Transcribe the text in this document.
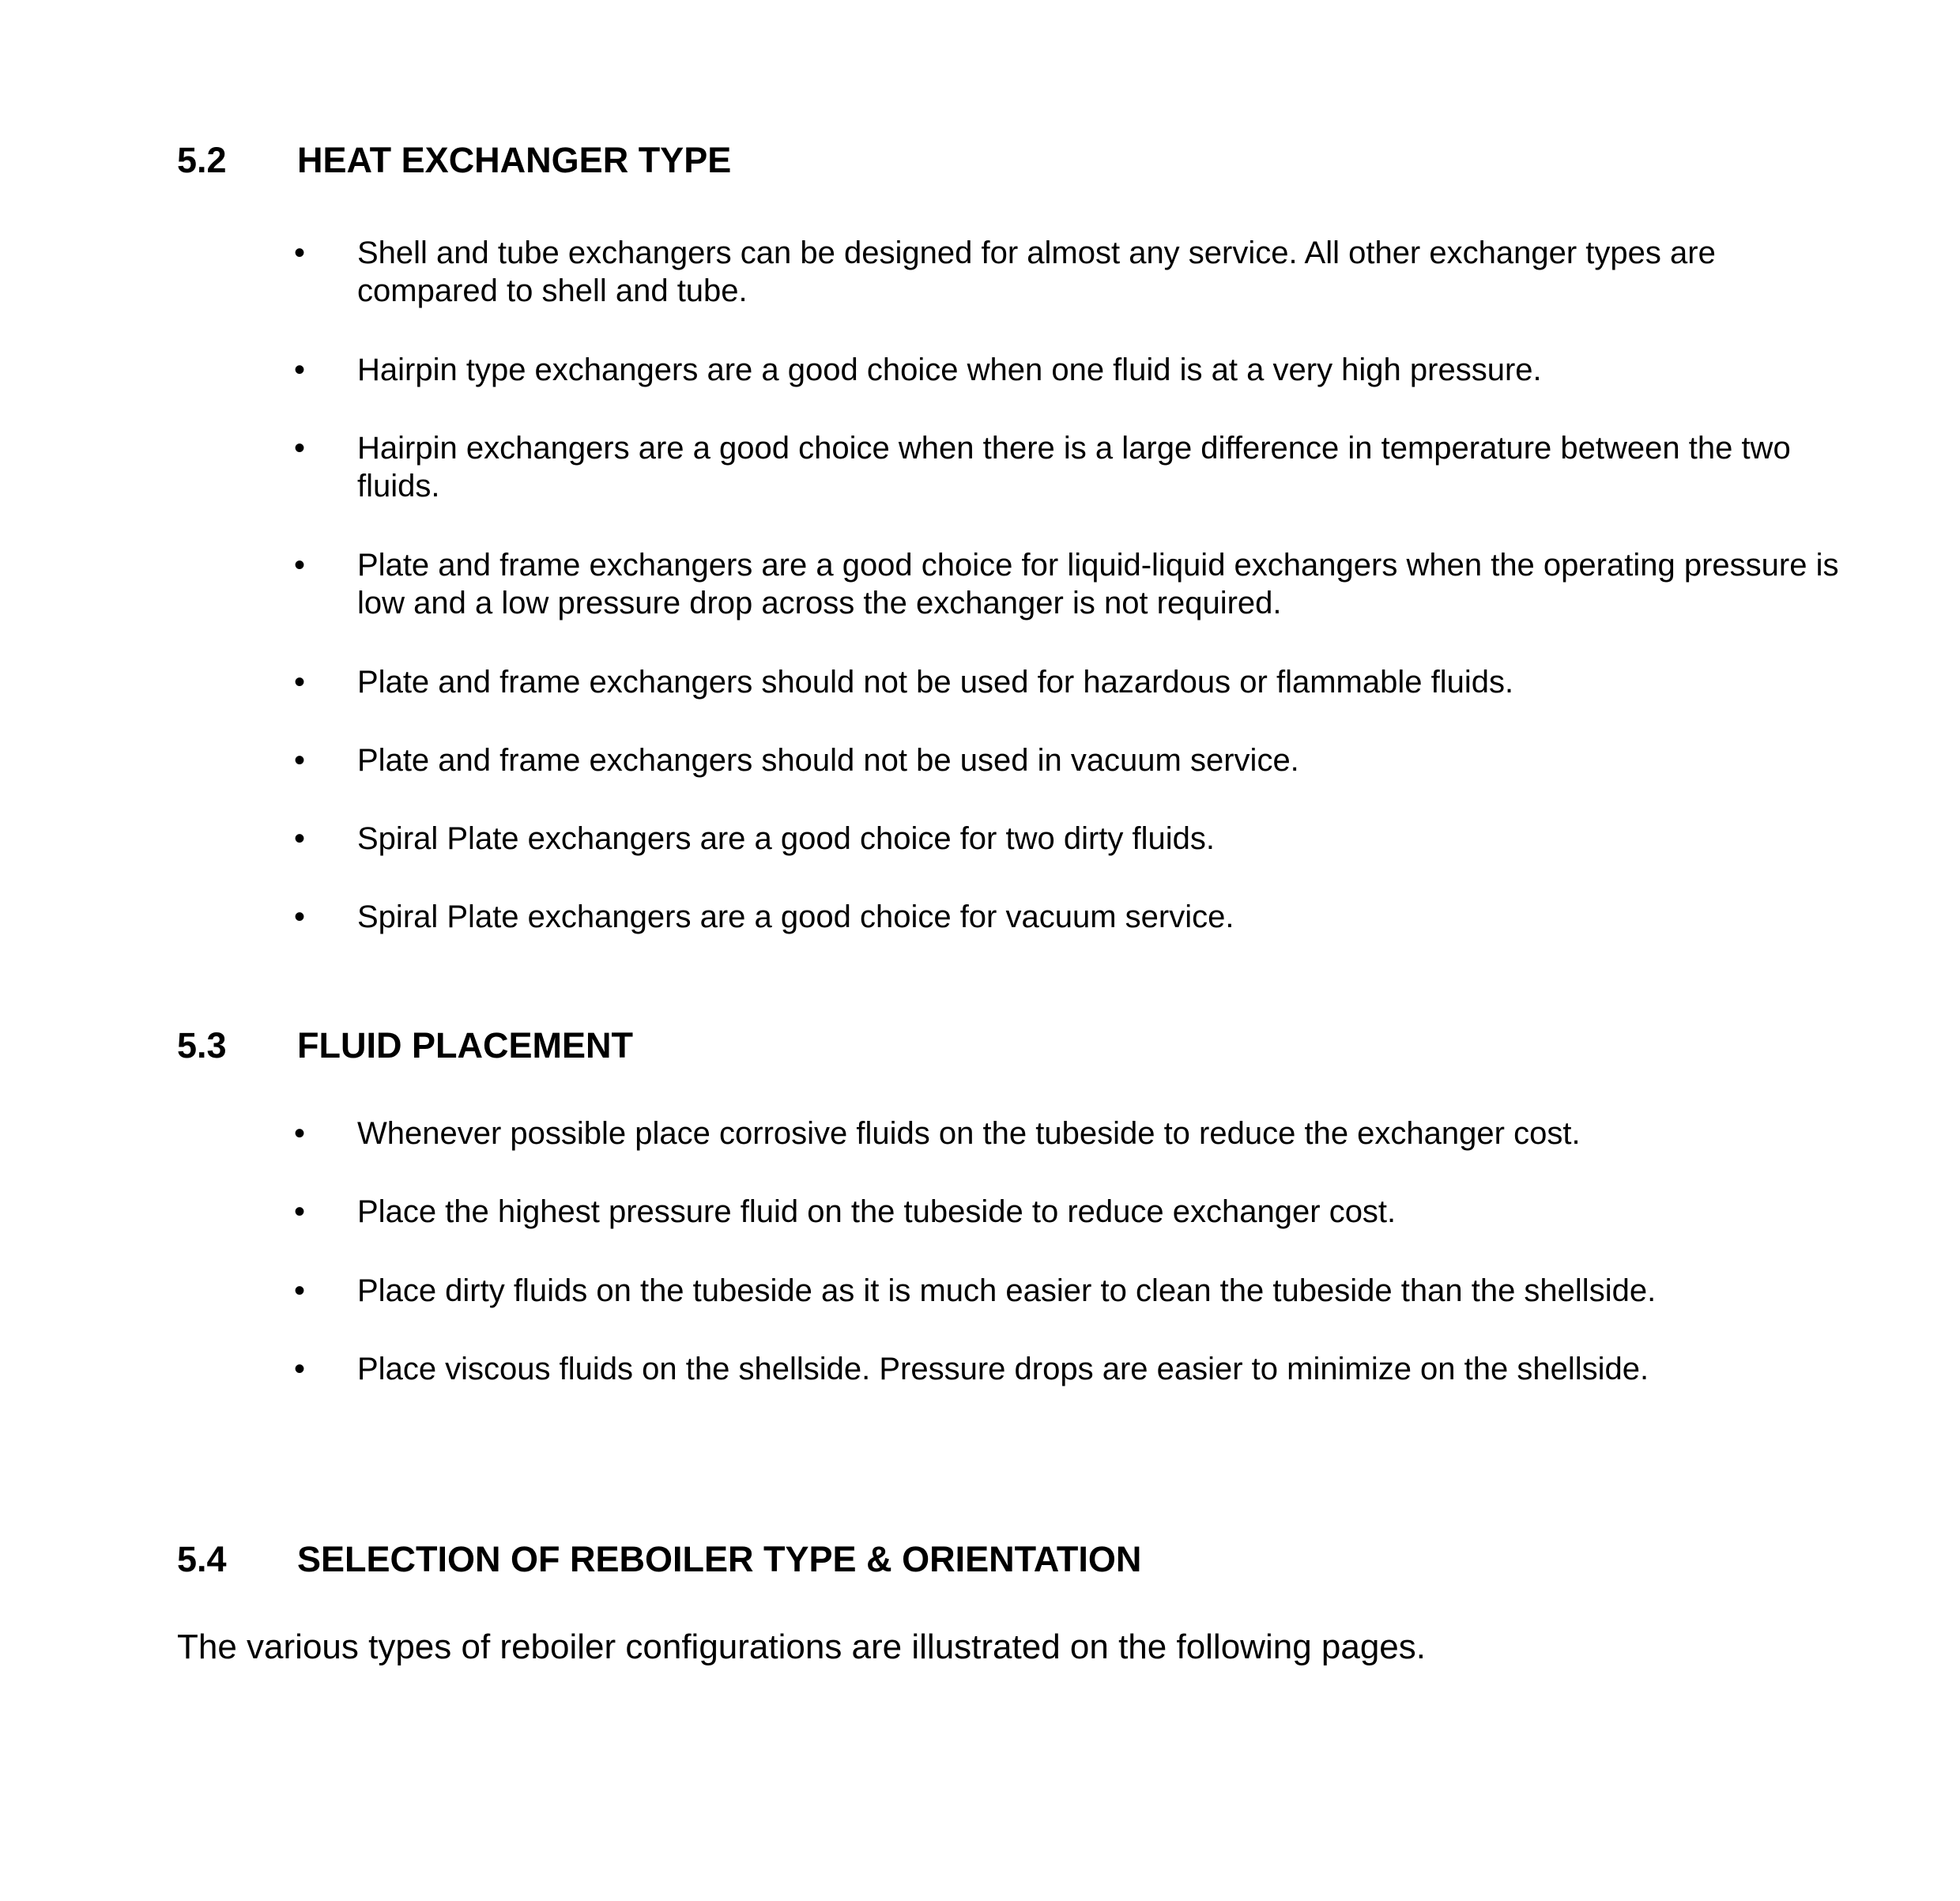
5.2 HEAT EXCHANGER TYPE
•	Shell and tube exchangers can be designed for almost any service. All other exchanger types are compared to shell and tube.
•	Hairpin type exchangers are a good choice when one fluid is at a very high pressure.
•	Hairpin exchangers are a good choice when there is a large difference in temperature between the two fluids.
•	Plate and frame exchangers are a good choice for liquid-liquid exchangers when the operating pressure is low and a low pressure drop across the exchanger is not required.
•	Plate and frame exchangers should not be used for hazardous or flammable fluids.
•	Plate and frame exchangers should not be used in vacuum service.
•	Spiral Plate exchangers are a good choice for two dirty fluids.
•	Spiral Plate exchangers are a good choice for vacuum service.
5.3 FLUID PLACEMENT
•	Whenever possible place corrosive fluids on the tubeside to reduce the exchanger cost.
•	Place the highest pressure fluid on the tubeside to reduce exchanger cost.
•	Place dirty fluids on the tubeside as it is much easier to clean the tubeside than the shellside.
•	Place viscous fluids on the shellside. Pressure drops are easier to minimize on the shellside.
5.4 SELECTION OF REBOILER TYPE & ORIENTATION
The various types of reboiler configurations are illustrated on the following pages.
